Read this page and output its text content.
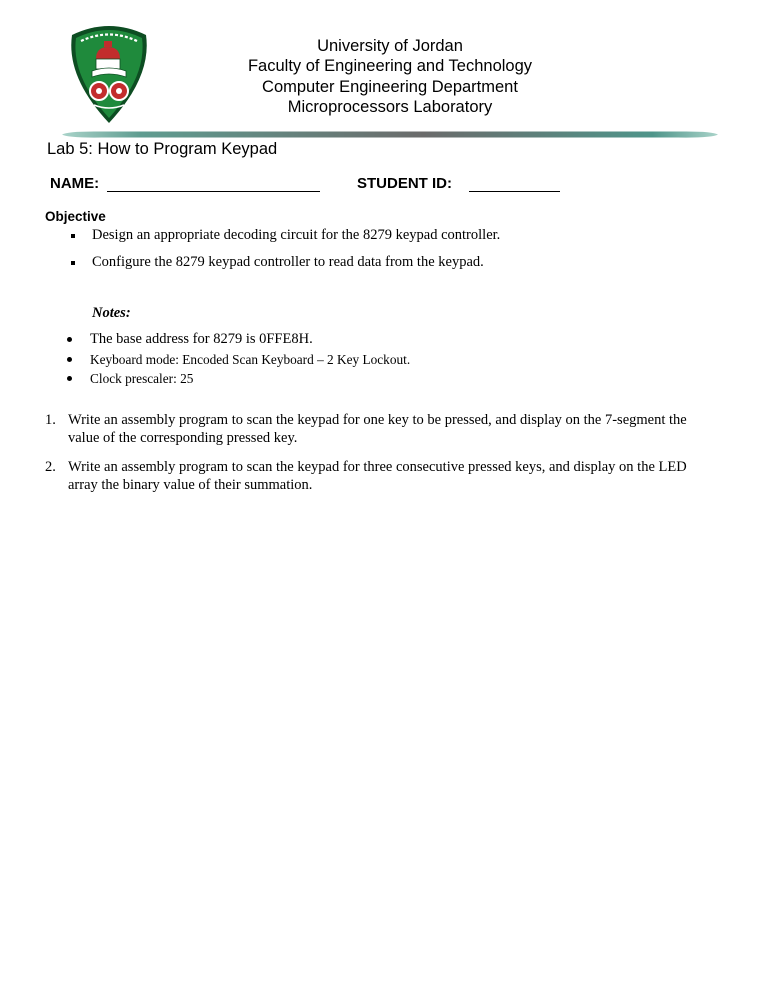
University of Jordan
Faculty of Engineering and Technology
Computer Engineering Department
Microprocessors Laboratory
Lab 5: How to Program Keypad
NAME:	STUDENT ID:
Objective
Design an appropriate decoding circuit for the 8279 keypad controller.
Configure the 8279 keypad controller to read data from the keypad.
Notes:
The base address for 8279 is 0FFE8H.
Keyboard mode: Encoded Scan Keyboard – 2 Key Lockout.
Clock prescaler: 25
1. Write an assembly program to scan the keypad for one key to be pressed, and display on the 7-segment the value of the corresponding pressed key.
2. Write an assembly program to scan the keypad for three consecutive pressed keys, and display on the LED array the binary value of their summation.
